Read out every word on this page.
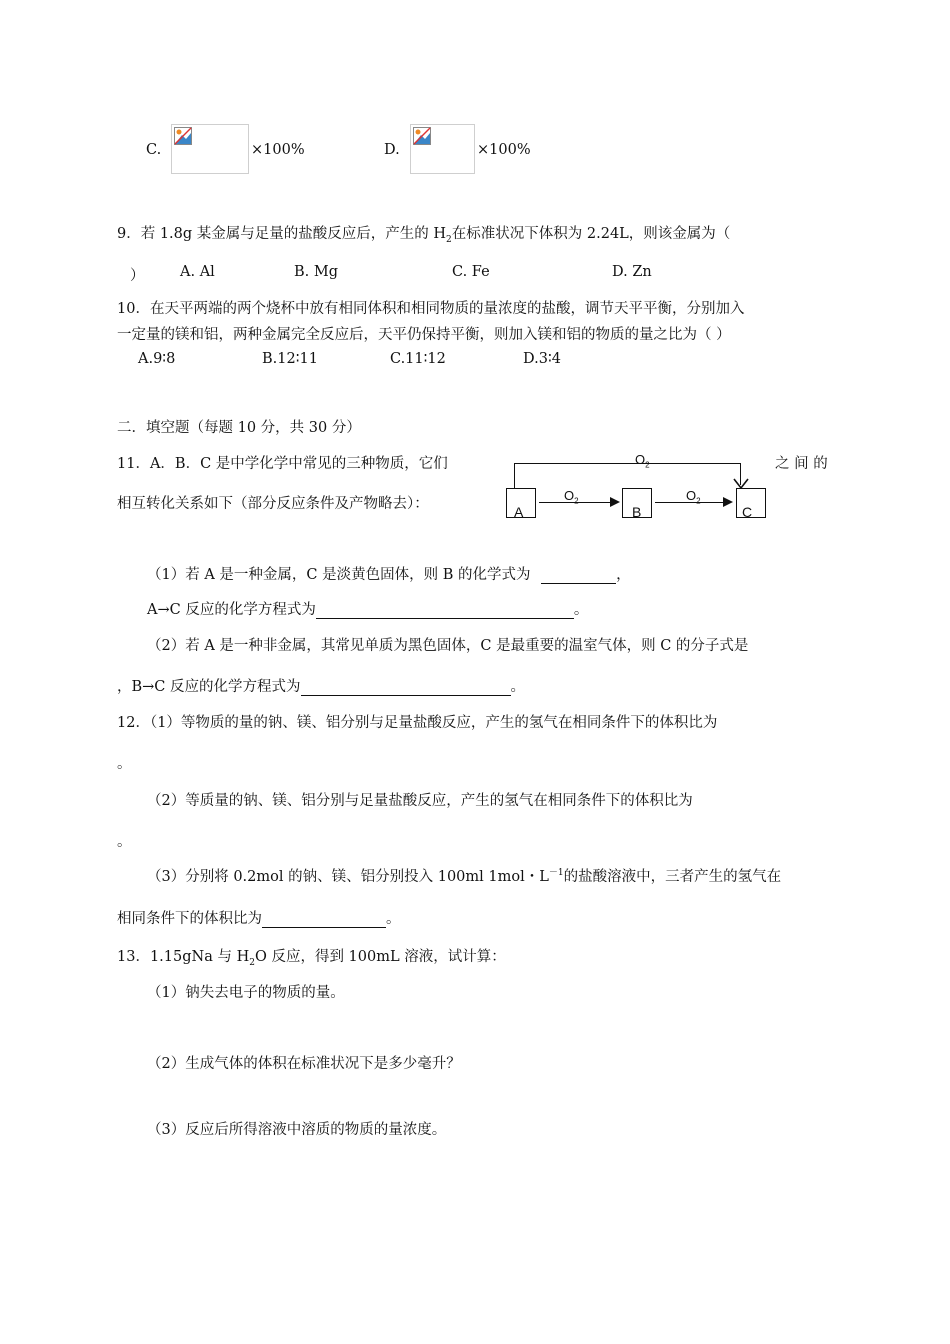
C.	×100%	D.	×100%
9．若 1.8g 某金属与足量的盐酸反应后，产生的 $H_2$在标准状况下体积为 2.24L，则该金属为（
） A. Al	B. Mg	C. Fe	D. Zn
10．在天平两端的两个烧杯中放有相同体积和相同物质的量浓度的盐酸，调节天平平衡，分别加入
一定量的镁和铝，两种金属完全反应后，天平仍保持平衡，则加入镁和铝的物质的量之比为（ ）
A.9∶8	B.12∶11	C.11∶12	D.3∶4
二．填空题（每题 10 分，共 30 分）
11．A．B．C 是中学化学中常见的三种物质，它们	之 间 的
相互转化关系如下（部分反应条件及产物略去）：
$O_2$
A
$O_2$
B
$O_2$
C
（1）若 A 是一种金属，C 是淡黄色固体，则 B 的化学式为	，
A→C 反应的化学方程式为	。
（2）若 A 是一种非金属，其常见单质为黑色固体，C 是最重要的温室气体，则 C 的分子式是
，B→C 反应的化学方程式为	。
12．（1）等物质的量的钠、镁、铝分别与足量盐酸反应，产生的氢气在相同条件下的体积比为
。
（2）等质量的钠、镁、铝分别与足量盐酸反应，产生的氢气在相同条件下的体积比为
。
（3）分别将 0.2mol 的钠、镁、铝分别投入 100ml 1mol・$L^{-1}$的盐酸溶液中，三者产生的氢气在
相同条件下的体积比为	。
13．1.15gNa 与 $H_2O$ 反应，得到 100mL 溶液，试计算：
（1）钠失去电子的物质的量。
（2）生成气体的体积在标准状况下是多少毫升？
（3）反应后所得溶液中溶质的物质的量浓度。
